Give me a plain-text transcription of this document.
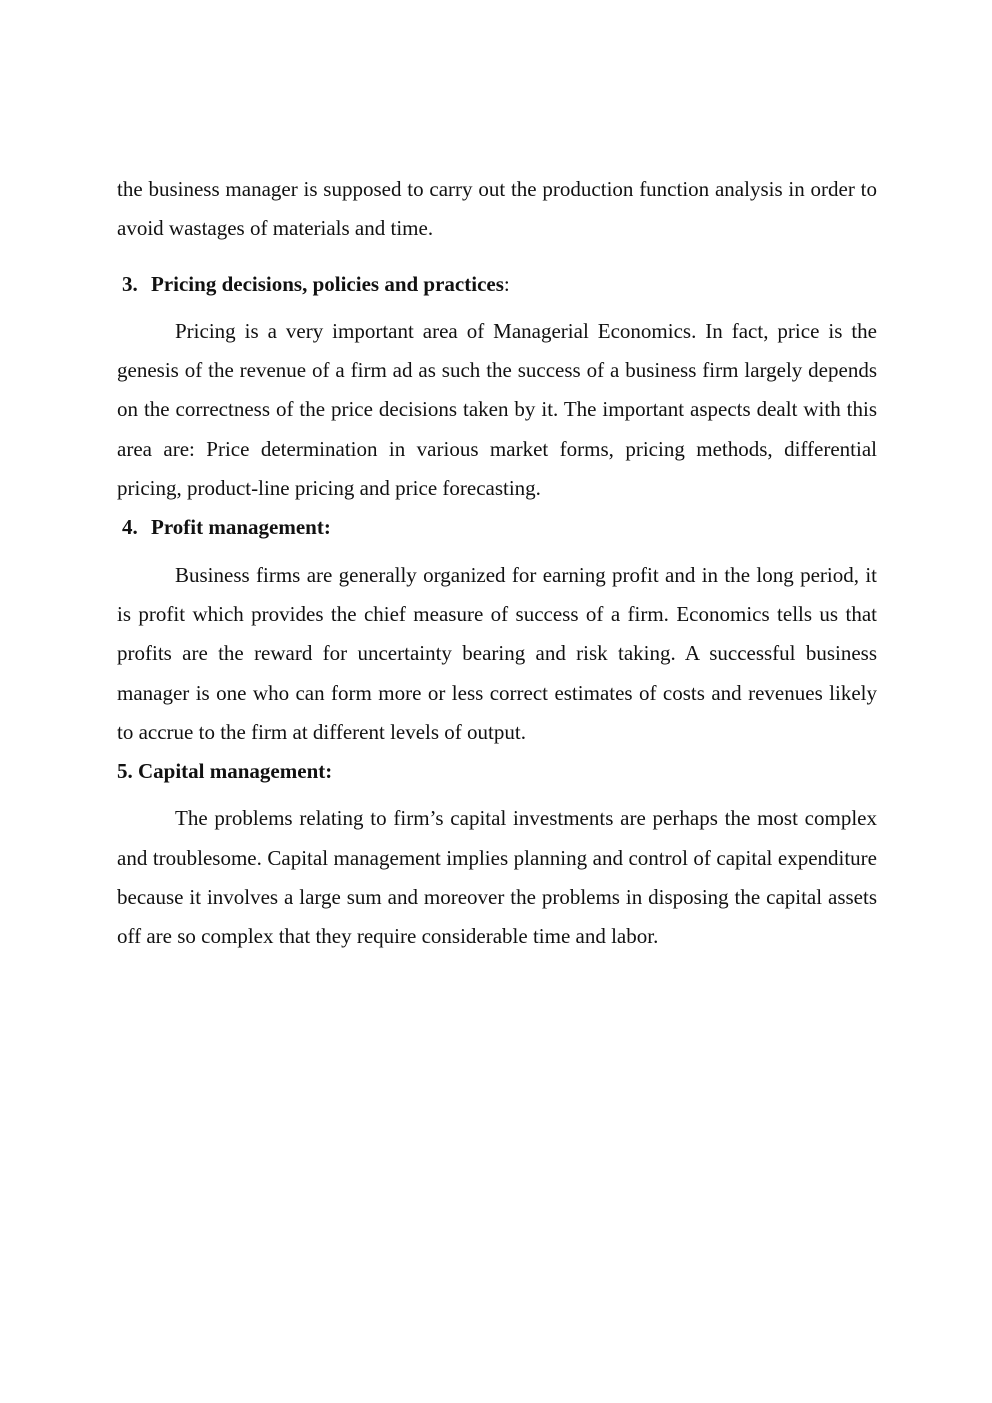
the business manager is supposed to carry out the production function analysis in order to avoid wastages of materials and time.

3. Pricing decisions, policies and practices:

Pricing is a very important area of Managerial Economics. In fact, price is the genesis of the revenue of a firm ad as such the success of a business firm largely depends on the correctness of the price decisions taken by it. The important aspects dealt with this area are: Price determination in various market forms, pricing methods, differential pricing, product-line pricing and price forecasting.

4. Profit management:

Business firms are generally organized for earning profit and in the long period, it is profit which provides the chief measure of success of a firm. Economics tells us that profits are the reward for uncertainty bearing and risk taking. A successful business manager is one who can form more or less correct estimates of costs and revenues likely to accrue to the firm at different levels of output.

5. Capital management:

The problems relating to firm’s capital investments are perhaps the most complex and troublesome. Capital management implies planning and control of capital expenditure because it involves a large sum and moreover the problems in disposing the capital assets off are so complex that they require considerable time and labor.
